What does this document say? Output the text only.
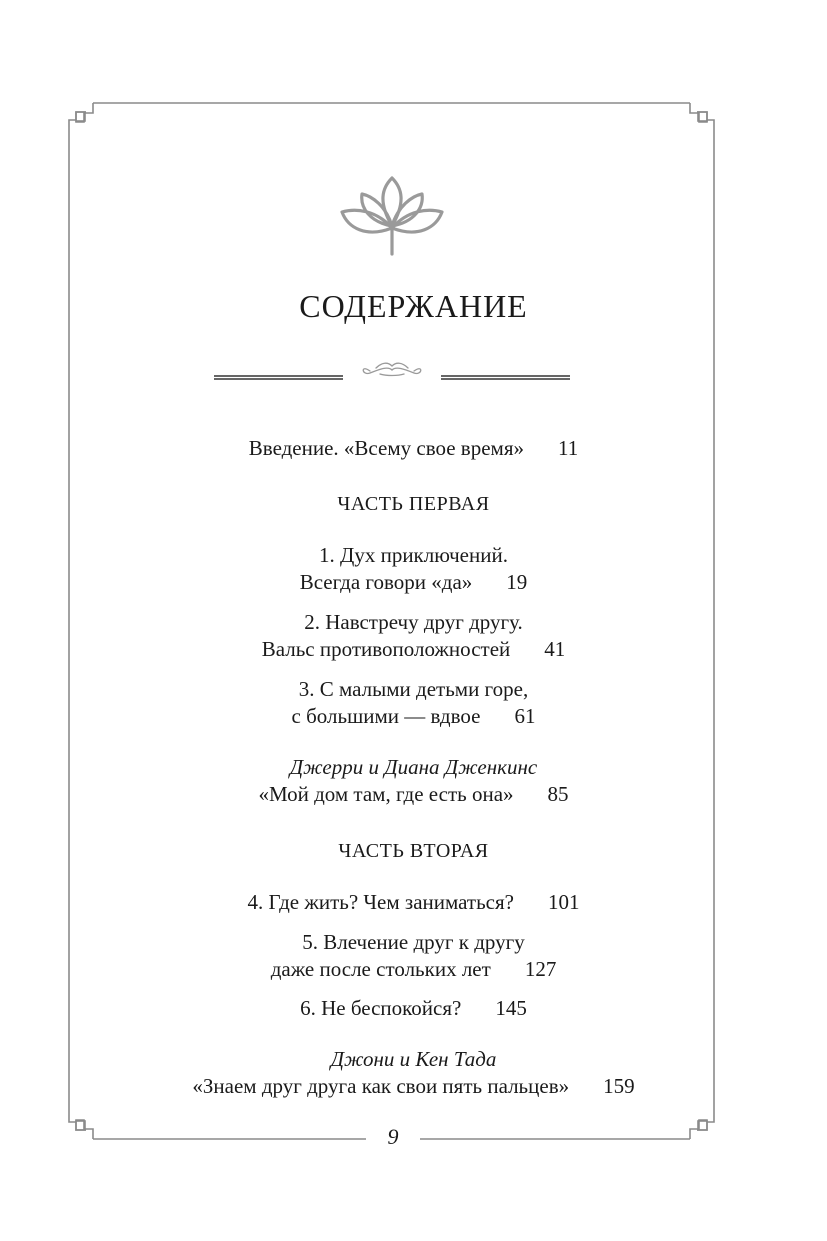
СОДЕРЖАНИЕ
Введение. «Всему свое время» 11
ЧАСТЬ ПЕРВАЯ
1. Дух приключений.
Всегда говори «да» 19
2. Навстречу друг другу.
Вальс противоположностей 41
3. С малыми детьми горе,
с большими — вдвое 61
Джерри и Диана Дженкинс
«Мой дом там, где есть она» 85
ЧАСТЬ ВТОРАЯ
4. Где жить? Чем заниматься? 101
5. Влечение друг к другу
даже после стольких лет 127
6. Не беспокойся? 145
Джони и Кен Тада
«Знаем друг друга как свои пять пальцев» 159
9
